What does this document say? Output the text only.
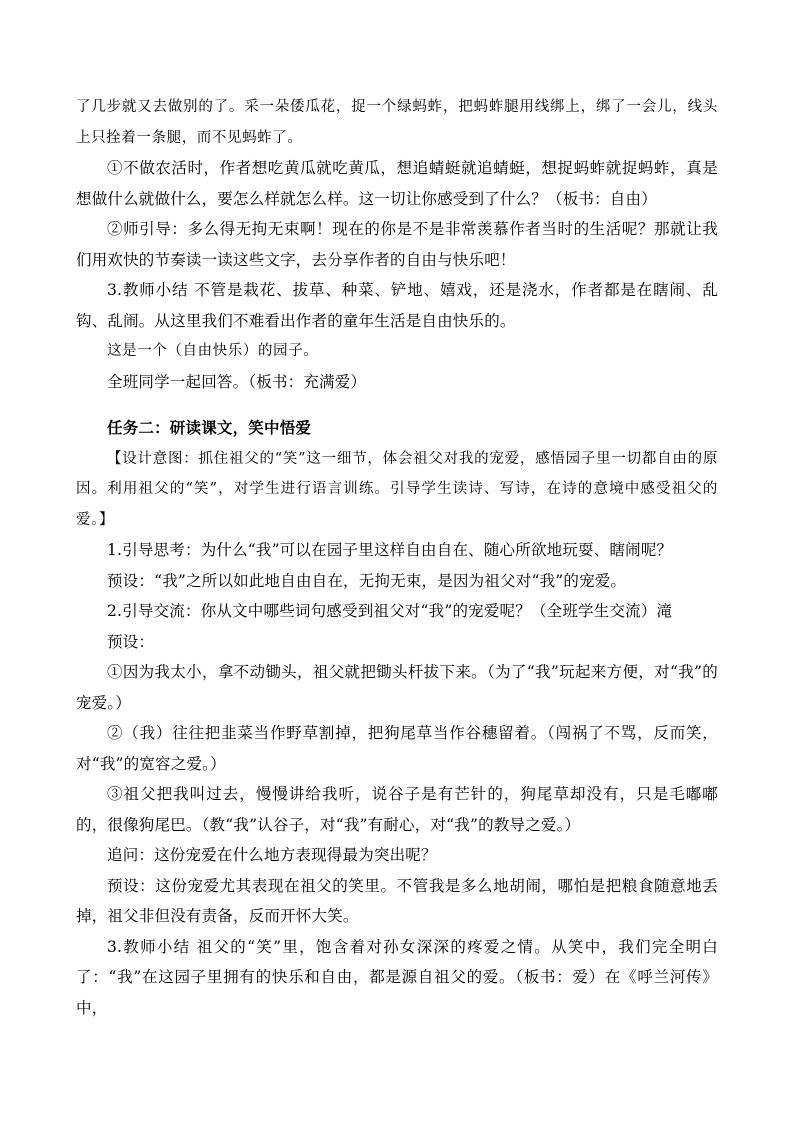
了几步就又去做别的了。采一朵倭瓜花，捉一个绿蚂蚱，把蚂蚱腿用线绑上，绑了一会儿，线头上只拴着一条腿，而不见蚂蚱了。

①不做农活时，作者想吃黄瓜就吃黄瓜，想追蜻蜓就追蜻蜓，想捉蚂蚱就捉蚂蚱，真是想做什么就做什么，要怎么样就怎么样。这一切让你感受到了什么？（板书：自由）

②师引导：多么得无拘无束啊！现在的你是不是非常羡慕作者当时的生活呢？那就让我们用欢快的节奏读一读这些文字，去分享作者的自由与快乐吧！

3.教师小结 不管是栽花、拔草、种菜、铲地、嬉戏，还是浇水，作者都是在瞎闹、乱钩、乱闹。从这里我们不难看出作者的童年生活是自由快乐的。

这是一个（自由快乐）的园子。

全班同学一起回答。（板书：充满爱）

任务二：研读课文，笑中悟爱

【设计意图：抓住祖父的“笑”这一细节，体会祖父对我的宠爱，感悟园子里一切都自由的原因。利用祖父的“笑”，对学生进行语言训练。引导学生读诗、写诗，在诗的意境中感受祖父的爱。】

1.引导思考：为什么“我”可以在园子里这样自由自在、随心所欲地玩耍、瞎闹呢？

预设：“我”之所以如此地自由自在，无拘无束，是因为祖父对“我”的宠爱。

2.引导交流：你从文中哪些词句感受到祖父对“我”的宠爱呢？（全班学生交流）滝

预设：

①因为我太小，拿不动锄头，祖父就把锄头杆拔下来。（为了“我”玩起来方便，对“我”的宠爱。）

②（我）往往把韭菜当作野草割掉，把狗尾草当作谷穗留着。（闯祸了不骂，反而笑，对“我”的宽容之爱。）

③祖父把我叫过去，慢慢讲给我听，说谷子是有芒针的，狗尾草却没有，只是毛嘟嘟的，很像狗尾巴。（教“我”认谷子，对“我”有耐心，对“我”的教导之爱。）

追问：这份宠爱在什么地方表现得最为突出呢？

预设：这份宠爱尤其表现在祖父的笑里。不管我是多么地胡闹，哪怕是把粮食随意地丢掉，祖父非但没有责备，反而开怀大笑。

3.教师小结 祖父的“笑”里，饱含着对孙女深深的疼爱之情。从笑中，我们完全明白了：“我”在这园子里拥有的快乐和自由，都是源自祖父的爱。（板书：爱）在《呼兰河传》中，
